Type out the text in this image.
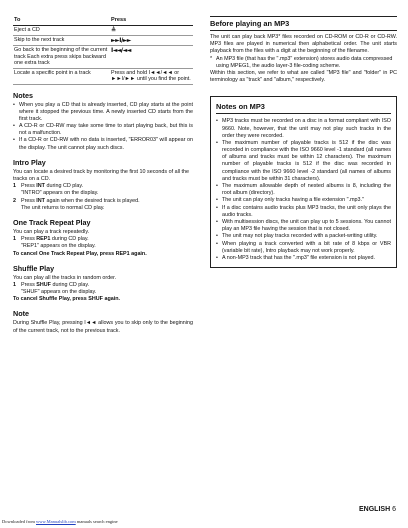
To	Press
Eject a CD	≜
Skip to the next track	►►I/►►
Go back to the beginning of the current track Each extra press skips backward one extra track	I◄◄/◄◄
Locate a specific point in a track	Press and hold I◄◄/◄◄ or ►►I/►► until you find the point.
Notes
• When you play a CD that is already inserted, CD play starts at the point where it stopped the previous time. A newly inserted CD starts from the first track.
• A CD-R or CD-RW may take some time to start playing back, but this is not a malfunction.
• If a CD-R or CD-RW with no data is inserted, "ERROR03" will appear on the display. The unit cannot play such discs.
Intro Play

You can locate a desired track by monitoring the first 10 seconds of all the tracks on a CD.

1 Press INT during CD play.

"INTRO" appears on the display.

2 Press INT again when the desired track is played.

The unit returns to normal CD play.

One Track Repeat Play

You can play a track repeatedly.

1 Press REP1 during CD play.

"REP1" appears on the display.

To cancel One Track Repeat Play, press REP1 again.

Shuffle Play

You can play all the tracks in random order.

1 Press SHUF during CD play.

"SHUF" appears on the display.

To cancel Shuffle Play, press SHUF again.

Note

During Shuffle Play, pressing I◄◄ allows you to skip only to the beginning of the current track, not to the previous track.

Before playing an MP3

The unit can play back MP3* files recorded on CD-ROM or CD-R or CD-RW. MP3 files are played in numerical then alphabetical order. The unit starts playback from the files with a digit at the beginning of the filename.

* An MP3 file (that has the ".mp3" extension) stores audio data compressed using MPEG1, the audio layer-3 file-coding scheme.

Within this section, we refer to what are called "MP3 file" and "folder" in PC terminology as "track" and "album," respectively.

Notes on MP3
• MP3 tracks must be recorded on a disc in a format compliant with ISO 9660. Note, however, that the unit may not play such tracks in the order they were recorded.
• The maximum number of playable tracks is 512 if the disc was recorded in compliance with the ISO 9660 level -1 standard (all names of albums and tracks must be within 12 characters). The maximum number of playable tracks is 512 if the disc was recorded in compliance with the ISO 9660 level -2 standard (all names of albums and tracks must be within 31 characters).
• The maximum allowable depth of nested albums is 8, including the root album (directory).
• The unit can play only tracks having a file extension ".mp3."
• If a disc contains audio tracks plus MP3 tracks, the unit only plays the audio tracks.
• With multisession discs, the unit can play up to 5 sessions. You cannot play an MP3 file having the session that is not closed.
• The unit may not play tracks recorded with a packet-writing utility.
• When playing a track converted with a bit rate of 8 kbps or VBR (variable bit rate), Intro playback may not work properly.
• A non-MP3 track that has the ".mp3" file extension is not played.
ENGLISH 6
Downloaded from www.Manualslib.com manuals search engine
